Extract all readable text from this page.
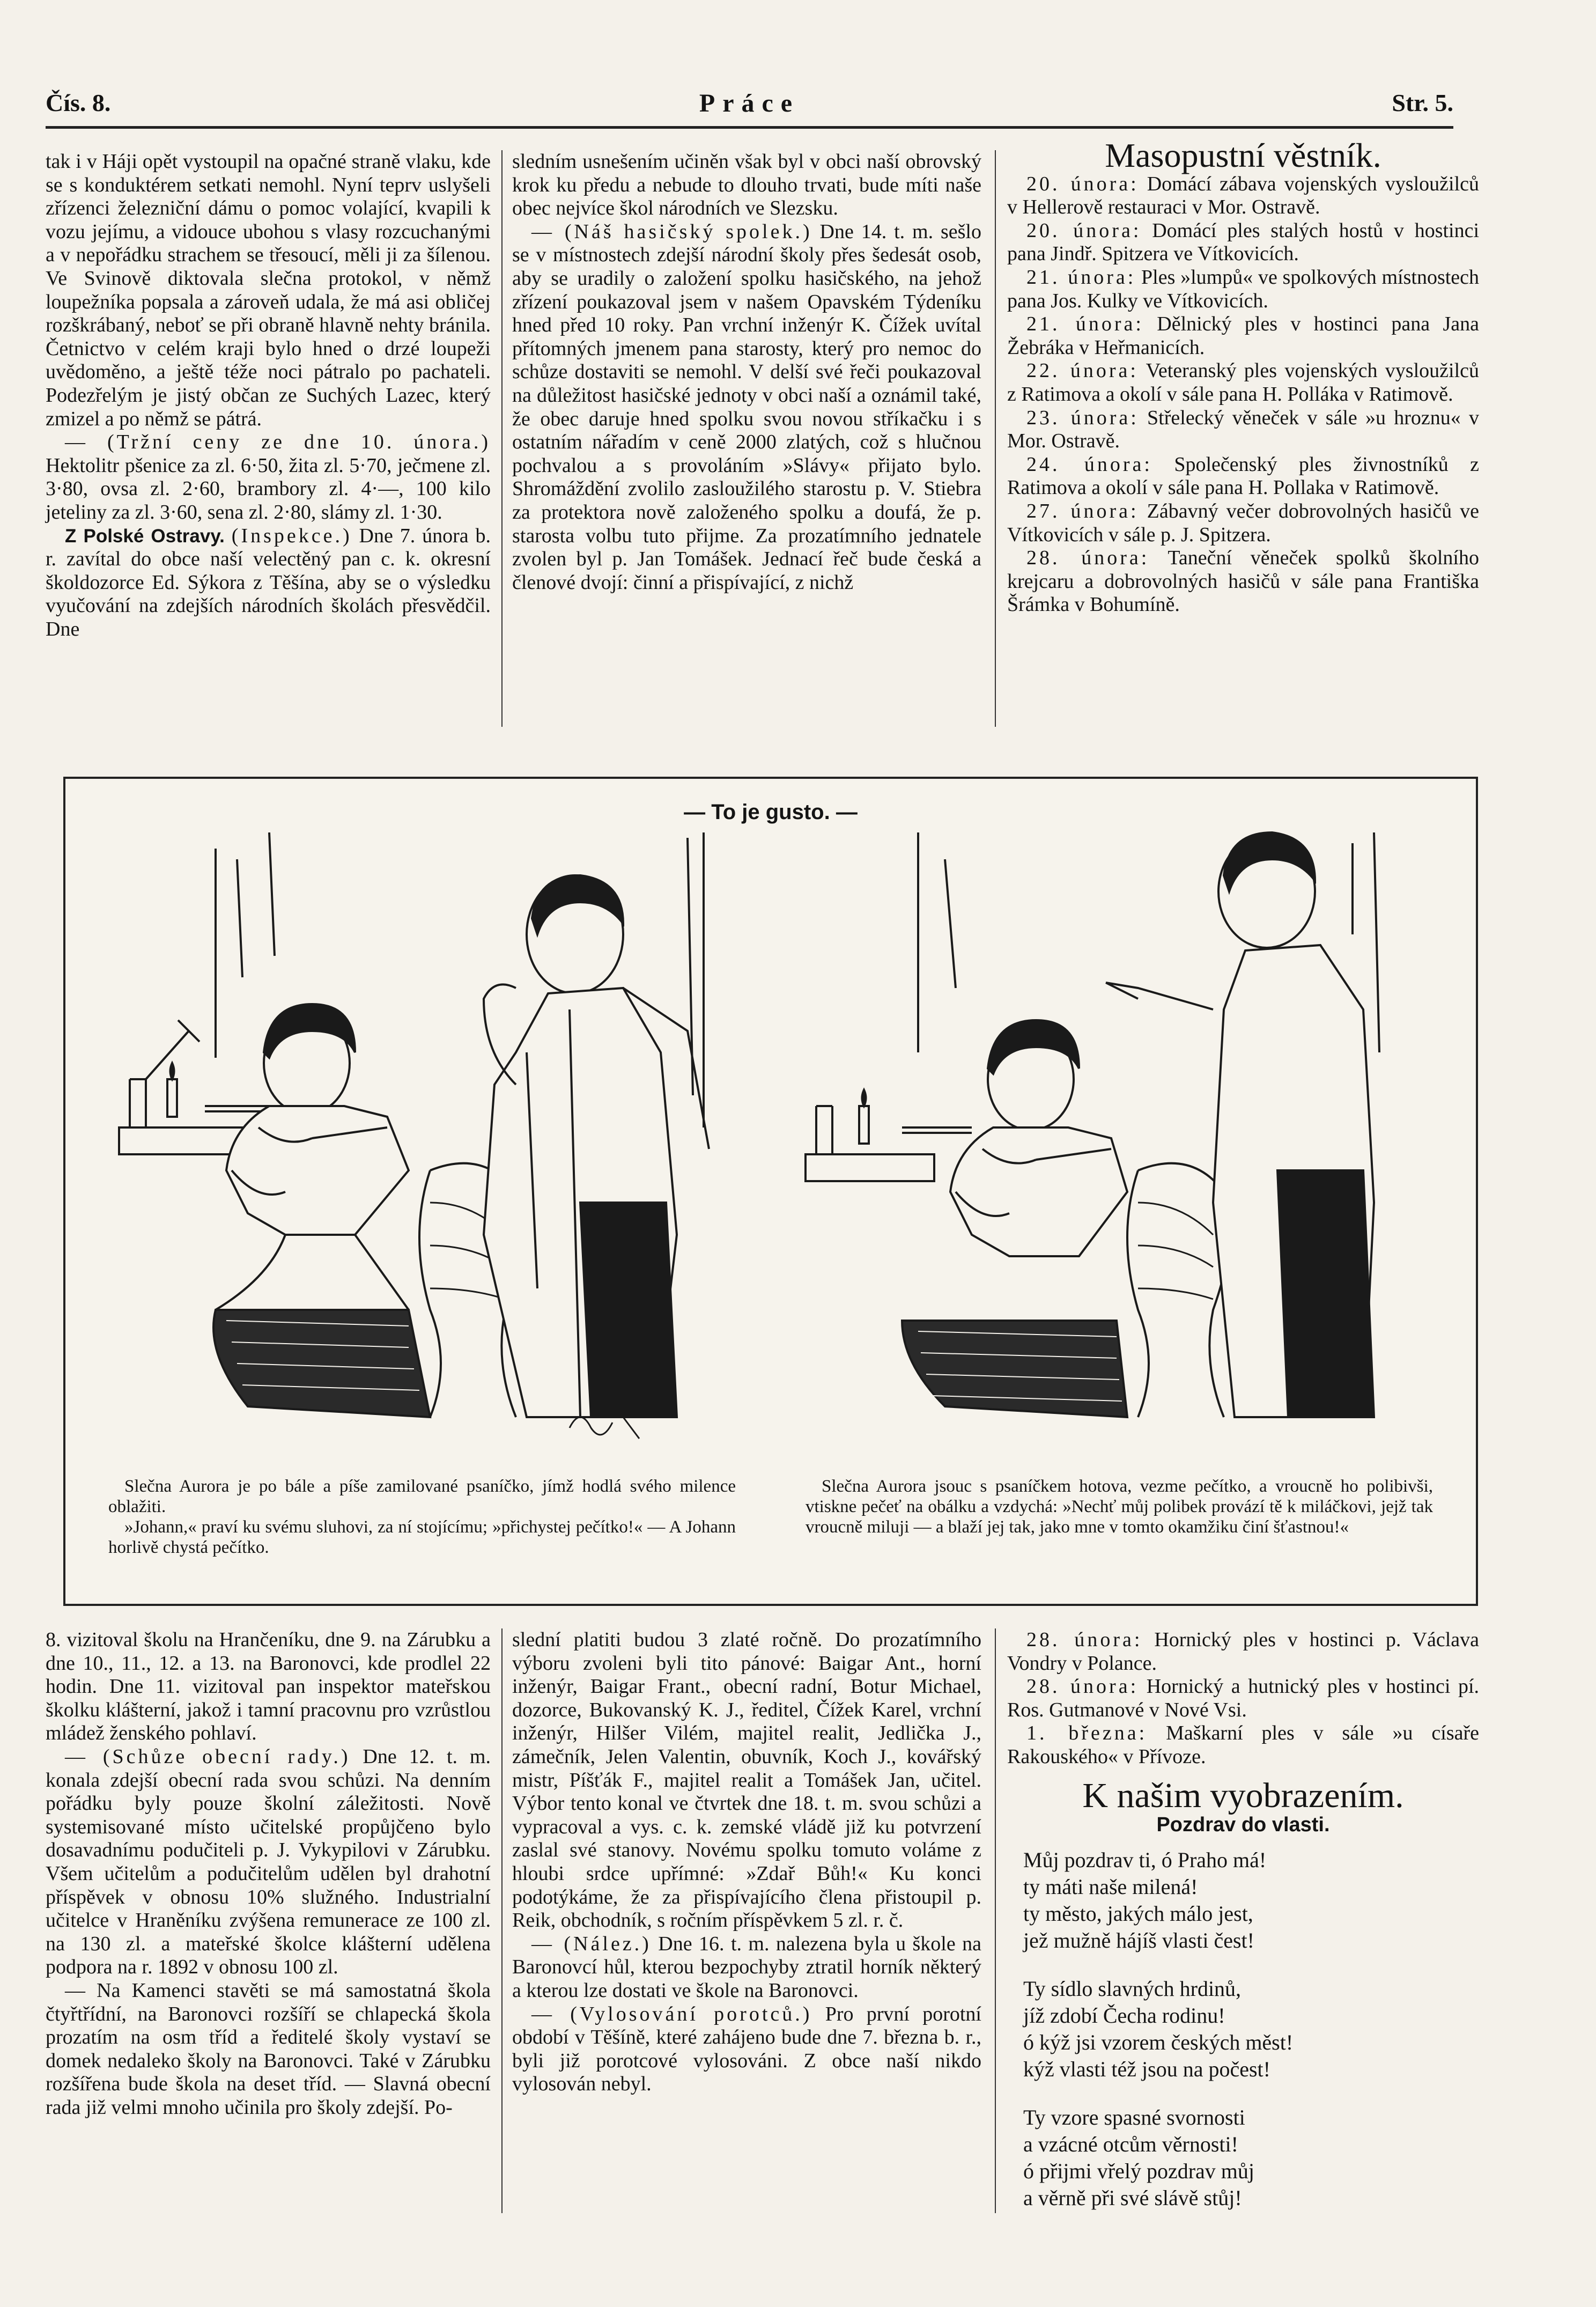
Čís. 8.	Práce	Str. 5.

tak i v Háji opět vystoupil na opačné straně vlaku, kde se s konduktérem setkati nemohl. Nyní teprv uslyšeli zřízenci železniční dámu o pomoc volající, kvapili k vozu jejímu, a vidouce ubohou s vlasy rozcuchanými a v nepořádku strachem se třesoucí, měli ji za šílenou. Ve Svinově diktovala slečna protokol, v němž loupežníka popsala a zároveň udala, že má asi obličej rozškrábaný, neboť se při obraně hlavně nehty bránila. Četnictvo v celém kraji bylo hned o drzé loupeži uvědoměno, a ještě téže noci pátralo po pachateli. Podezřelým je jistý občan ze Suchých Lazec, který zmizel a po němž se pátrá.

— (Tržní ceny ze dne 10. února.) Hektolitr pšenice za zl. 6·50, žita zl. 5·70, ječmene zl. 3·80, ovsa zl. 2·60, brambory zl. 4·—, 100 kilo jeteliny za zl. 3·60, sena zl. 2·80, slámy zl. 1·30.

Z Polské Ostravy. (Inspekce.) Dne 7. února b. r. zavítal do obce naší velectěný pan c. k. okresní školdozorce Ed. Sýkora z Těšína, aby se o výsledku vyučování na zdejších národních školách přesvědčil. Dne

sledním usnešením učiněn však byl v obci naší obrovský krok ku předu a nebude to dlouho trvati, bude míti naše obec nejvíce škol národních ve Slezsku.

— (Náš hasičský spolek.) Dne 14. t. m. sešlo se v místnostech zdejší národní školy přes šedesát osob, aby se uradily o založení spolku hasičského, na jehož zřízení poukazoval jsem v našem Opavském Týdeníku hned před 10 roky. Pan vrchní inženýr K. Čížek uvítal přítomných jmenem pana starosty, který pro nemoc do schůze dostaviti se nemohl. V delší své řeči poukazoval na důležitost hasičské jednoty v obci naší a oznámil také, že obec daruje hned spolku svou novou stříkačku i s ostatním nářadím v ceně 2000 zlatých, což s hlučnou pochvalou a s provoláním »Slávy« přijato bylo. Shromáždění zvolilo zasloužilého starostu p. V. Stiebra za protektora nově založeného spolku a doufá, že p. starosta volbu tuto přijme. Za prozatímního jednatele zvolen byl p. Jan Tomášek. Jednací řeč bude česká a členové dvojí: činní a přispívající, z nichž

Masopustní věstník.

20. února: Domácí zábava vojenských vysloužilců v Hellerově restauraci v Mor. Ostravě.

20. února: Domácí ples stalých hostů v hostinci pana Jindř. Spitzera ve Vítkovicích.

21. února: Ples »lumpů« ve spolkových místnostech pana Jos. Kulky ve Vítkovicích.

21. února: Dělnický ples v hostinci pana Jana Žebráka v Heřmanicích.

22. února: Veteranský ples vojenských vysloužilců z Ratimova a okolí v sále pana H. Polláka v Ratimově.

23. února: Střelecký věneček v sále »u hroznu« v Mor. Ostravě.

24. února: Společenský ples živnostníků z Ratimova a okolí v sále pana H. Pollaka v Ratimově.

27. února: Zábavný večer dobrovolných hasičů ve Vítkovicích v sále p. J. Spitzera.

28. února: Taneční věneček spolků školního krejcaru a dobrovolných hasičů v sále pana Františka Šrámka v Bohumíně.

— To je gusto. —

Slečna Aurora je po bále a píše zamilované psaníčko, jímž hodlá svého milence oblažiti.

»Johann,« praví ku svému sluhovi, za ní stojícímu; »přichystej pečítko!« — A Johann horlivě chystá pečítko.

Slečna Aurora jsouc s psaníčkem hotova, vezme pečítko, a vroucně ho polibivši, vtiskne pečeť na obálku a vzdychá: »Nechť můj polibek provází tě k miláčkovi, jejž tak vroucně miluji — a blaží jej tak, jako mne v tomto okamžiku činí šťastnou!«

8. vizitoval školu na Hrančeníku, dne 9. na Zárubku a dne 10., 11., 12. a 13. na Baronovci, kde prodlel 22 hodin. Dne 11. vizitoval pan inspektor mateřskou školku klášterní, jakož i tamní pracovnu pro vzrůstlou mládež ženského pohlaví.

— (Schůze obecní rady.) Dne 12. t. m. konala zdejší obecní rada svou schůzi. Na denním pořádku byly pouze školní záležitosti. Nově systemisované místo učitelské propůjčeno bylo dosavadnímu podučiteli p. J. Vykypilovi v Zárubku. Všem učitelům a podučitelům udělen byl drahotní příspěvek v obnosu 10% služného. Industrialní učitelce v Hraněníku zvýšena remunerace ze 100 zl. na 130 zl. a mateřské školce klášterní udělena podpora na r. 1892 v obnosu 100 zl.

— Na Kamenci stavěti se má samostatná škola čtyřtřídní, na Baronovci rozšíří se chlapecká škola prozatím na osm tříd a ředitelé školy vystaví se domek nedaleko školy na Baronovci. Také v Zárubku rozšířena bude škola na deset tříd. — Slavná obecní rada již velmi mnoho učinila pro školy zdejší. Po-

slední platiti budou 3 zlaté ročně. Do prozatímního výboru zvoleni byli tito pánové: Baigar Ant., horní inženýr, Baigar Frant., obecní radní, Botur Michael, dozorce, Bukovanský K. J., ředitel, Čížek Karel, vrchní inženýr, Hilšer Vilém, majitel realit, Jedlička J., zámečník, Jelen Valentin, obuvník, Koch J., kovářský mistr, Píšťák F., majitel realit a Tomášek Jan, učitel. Výbor tento konal ve čtvrtek dne 18. t. m. svou schůzi a vypracoval a vys. c. k. zemské vládě již ku potvrzení zaslal své stanovy. Novému spolku tomuto voláme z hloubi srdce upřímné: »Zdař Bůh!« Ku konci podotýkáme, že za přispívajícího člena přistoupil p. Reik, obchodník, s ročním příspěvkem 5 zl. r. č.

— (Nález.) Dne 16. t. m. nalezena byla u škole na Baronovcí hůl, kterou bezpochyby ztratil horník některý a kterou lze dostati ve škole na Baronovci.

— (Vylosování porotců.) Pro první porotní období v Těšíně, které zahájeno bude dne 7. března b. r., byli již porotcové vylosováni. Z obce naší nikdo vylosován nebyl.

28. února: Hornický ples v hostinci p. Václava Vondry v Polance.

28. února: Hornický a hutnický ples v hostinci pí. Ros. Gutmanové v Nové Vsi.

1. března: Maškarní ples v sále »u císaře Rakouského« v Přívoze.

K našim vyobrazením.
Pozdrav do vlasti.
Můj pozdrav ti, ó Praho má!
ty máti naše milená!
ty město, jakých málo jest,
jež mužně hájíš vlasti čest!
Ty sídlo slavných hrdinů,
jíž zdobí Čecha rodinu!
ó kýž jsi vzorem českých měst!
kýž vlasti též jsou na počest!
Ty vzore spasné svornosti
a vzácné otcům věrnosti!
ó přijmi vřelý pozdrav můj
a věrně při své slávě stůj!
